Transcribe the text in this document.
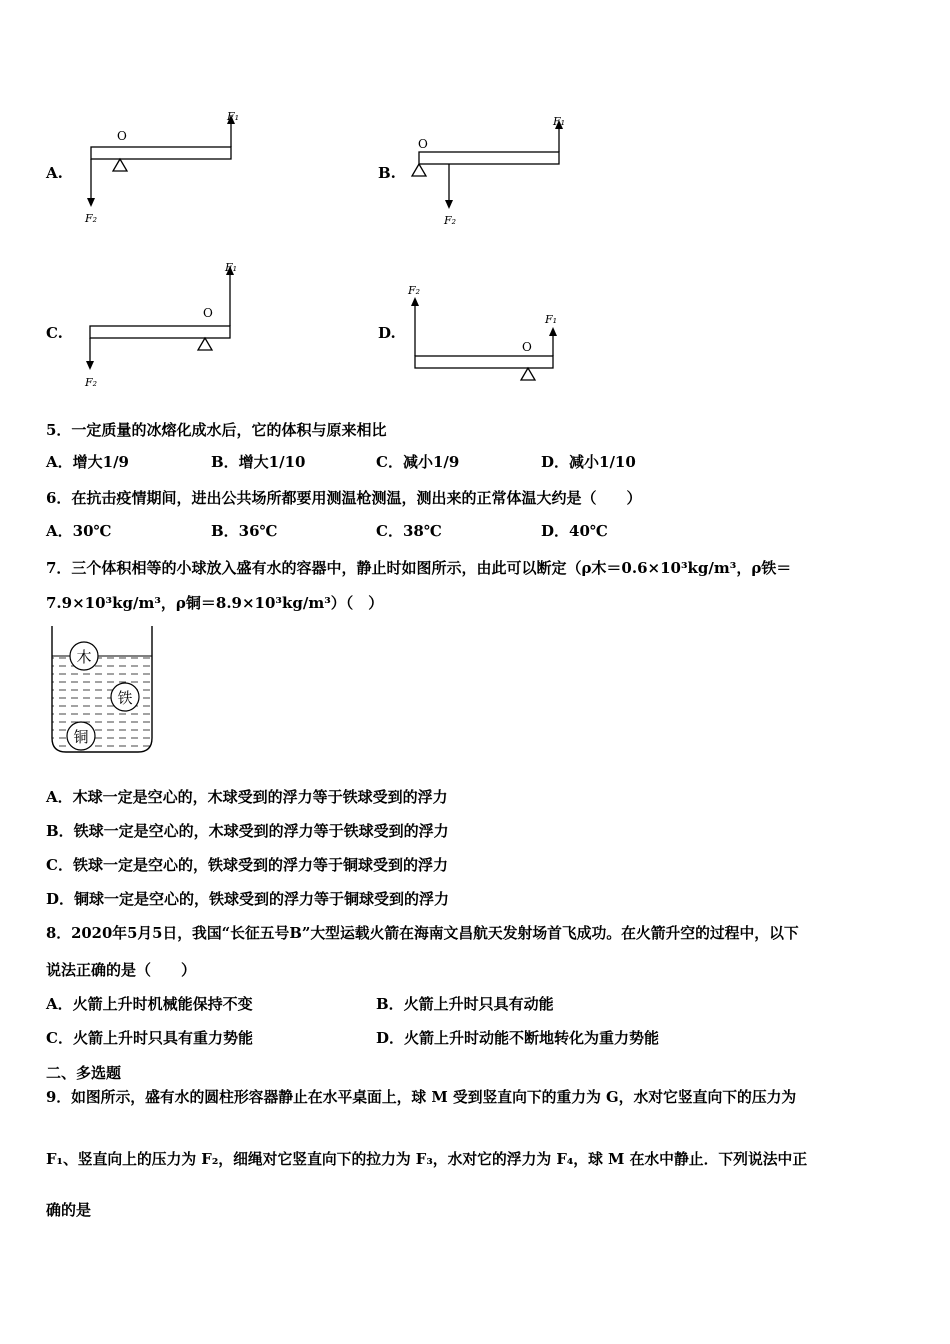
A.
O
F₁
F₂
B.
O
F₁
F₂
C.
O
F₁
F₂
D.
O
F₂
F₁
5．一定质量的冰熔化成水后，它的体积与原来相比
A．增大1/9	B．增大1/10	C．减小1/9	D．减小1/10
6．在抗击疫情期间，进出公共场所都要用测温枪测温，测出来的正常体温大约是（　　）
A．30℃	B．36℃	C．38℃	D．40℃
7．三个体积相等的小球放入盛有水的容器中，静止时如图所示，由此可以断定（ρ木＝0.6×10³kg/m³，ρ铁＝
7.9×10³kg/m³，ρ铜＝8.9×10³kg/m³）（　）
木
铁
铜
A．木球一定是空心的，木球受到的浮力等于铁球受到的浮力
B．铁球一定是空心的，木球受到的浮力等于铁球受到的浮力
C．铁球一定是空心的，铁球受到的浮力等于铜球受到的浮力
D．铜球一定是空心的，铁球受到的浮力等于铜球受到的浮力
8．2020年5月5日，我国“长征五号B”大型运载火箭在海南文昌航天发射场首飞成功。在火箭升空的过程中，以下
说法正确的是（　　）
A．火箭上升时机械能保持不变	B．火箭上升时只具有动能
C．火箭上升时只具有重力势能	D．火箭上升时动能不断地转化为重力势能
二、多选题
9．如图所示，盛有水的圆柱形容器静止在水平桌面上，球 M 受到竖直向下的重力为 G，水对它竖直向下的压力为
F₁、竖直向上的压力为 F₂，细绳对它竖直向下的拉力为 F₃，水对它的浮力为 F₄，球 M 在水中静止．下列说法中正
确的是
